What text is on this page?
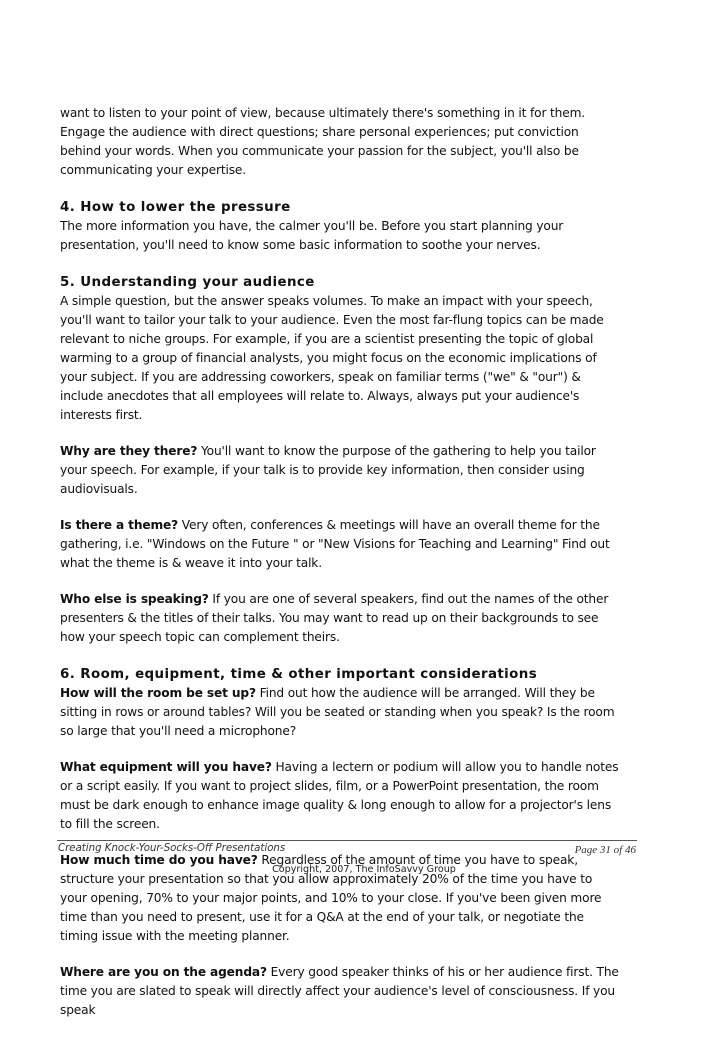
want to listen to your point of view, because ultimately there's something in it for them. Engage the audience with direct questions; share personal experiences; put conviction behind your words. When you communicate your passion for the subject, you'll also be communicating your expertise.

4. How to lower the pressure

The more information you have, the calmer you'll be. Before you start planning your presentation, you'll need to know some basic information to soothe your nerves.

5. Understanding your audience

A simple question, but the answer speaks volumes. To make an impact with your speech, you'll want to tailor your talk to your audience. Even the most far-flung topics can be made relevant to niche groups. For example, if you are a scientist presenting the topic of global warming to a group of financial analysts, you might focus on the economic implications of your subject. If you are addressing coworkers, speak on familiar terms ("we" & "our") & include anecdotes that all employees will relate to. Always, always put your audience's interests first.

Why are they there? You'll want to know the purpose of the gathering to help you tailor your speech. For example, if your talk is to provide key information, then consider using audiovisuals.

Is there a theme? Very often, conferences & meetings will have an overall theme for the gathering, i.e. "Windows on the Future " or "New Visions for Teaching and Learning" Find out what the theme is & weave it into your talk.

Who else is speaking? If you are one of several speakers, find out the names of the other presenters & the titles of their talks. You may want to read up on their backgrounds to see how your speech topic can complement theirs.

6. Room, equipment, time & other important considerations

How will the room be set up? Find out how the audience will be arranged. Will they be sitting in rows or around tables? Will you be seated or standing when you speak? Is the room so large that you'll need a microphone?

What equipment will you have? Having a lectern or podium will allow you to handle notes or a script easily. If you want to project slides, film, or a PowerPoint presentation, the room must be dark enough to enhance image quality & long enough to allow for a projector's lens to fill the screen.

How much time do you have? Regardless of the amount of time you have to speak, structure your presentation so that you allow approximately 20% of the time you have to your opening, 70% to your major points, and 10% to your close. If you've been given more time than you need to present, use it for a Q&A at the end of your talk, or negotiate the timing issue with the meeting planner.

Where are you on the agenda? Every good speaker thinks of his or her audience first. The time you are slated to speak will directly affect your audience's level of consciousness. If you speak

Creating Knock-Your-Socks-Off Presentations	Page 31 of 46
Copyright, 2007, The InfoSavvy Group
